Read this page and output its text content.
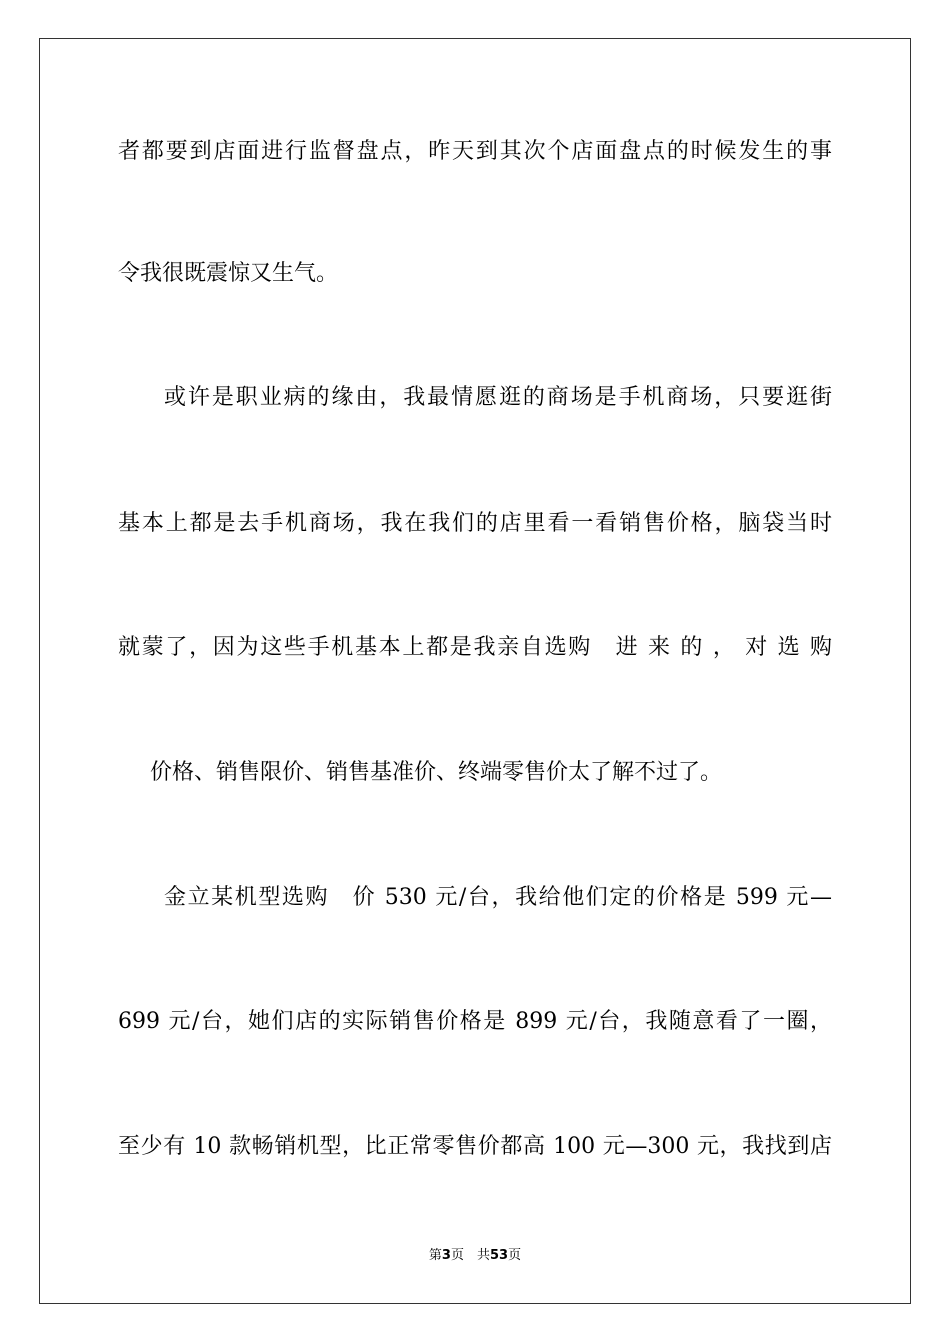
者都要到店面进行监督盘点，昨天到其次个店面盘点的时候发生的事
令我很既震惊又生气。
或许是职业病的缘由，我最情愿逛的商场是手机商场，只要逛街
基本上都是去手机商场，我在我们的店里看一看销售价格，脑袋当时
就蒙了，因为这些手机基本上都是我亲自选购　进 来 的 ， 对 选 购
价格、销售限价、销售基准价、终端零售价太了解不过了。
金立某机型选购　价 530 元/台，我给他们定的价格是 599 元—
699 元/台，她们店的实际销售价格是 899 元/台，我随意看了一圈，
至少有 10 款畅销机型，比正常零售价都高 100 元—300 元，我找到店
第3页　共53页
